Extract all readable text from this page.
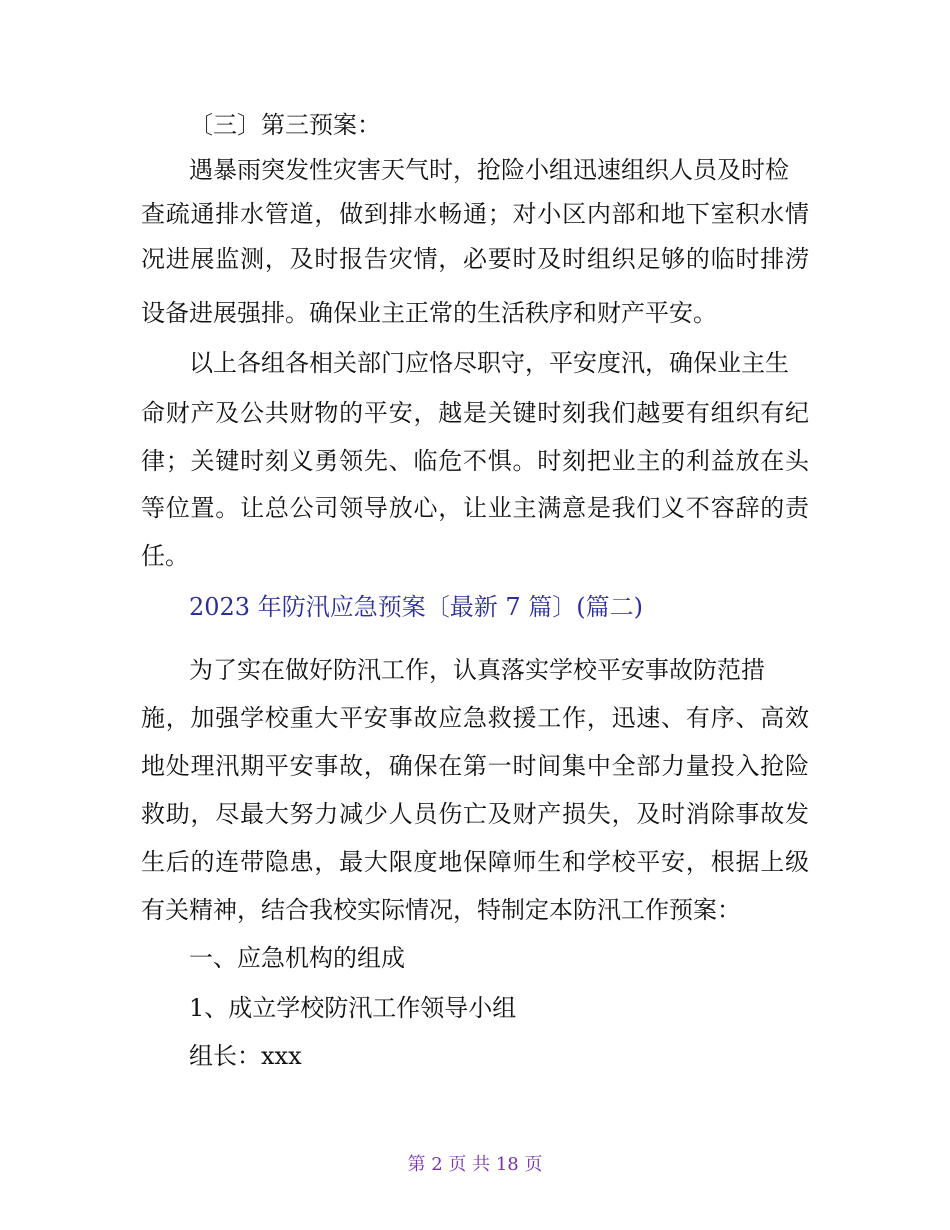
〔三〕第三预案：
遇暴雨突发性灾害天气时，抢险小组迅速组织人员及时检
查疏通排水管道，做到排水畅通；对小区内部和地下室积水情
况进展监测，及时报告灾情，必要时及时组织足够的临时排涝
设备进展强排。确保业主正常的生活秩序和财产平安。
以上各组各相关部门应恪尽职守，平安度汛，确保业主生
命财产及公共财物的平安，越是关键时刻我们越要有组织有纪
律；关键时刻义勇领先、临危不惧。时刻把业主的利益放在头
等位置。让总公司领导放心，让业主满意是我们义不容辞的责
任。
2023 年防汛应急预案〔最新 7 篇〕(篇二)
为了实在做好防汛工作，认真落实学校平安事故防范措
施，加强学校重大平安事故应急救援工作，迅速、有序、高效
地处理汛期平安事故，确保在第一时间集中全部力量投入抢险
救助，尽最大努力减少人员伤亡及财产损失，及时消除事故发
生后的连带隐患，最大限度地保障师生和学校平安，根据上级
有关精神，结合我校实际情况，特制定本防汛工作预案：
一、应急机构的组成
1、成立学校防汛工作领导小组
组长：xxx
第 2 页 共 18 页
